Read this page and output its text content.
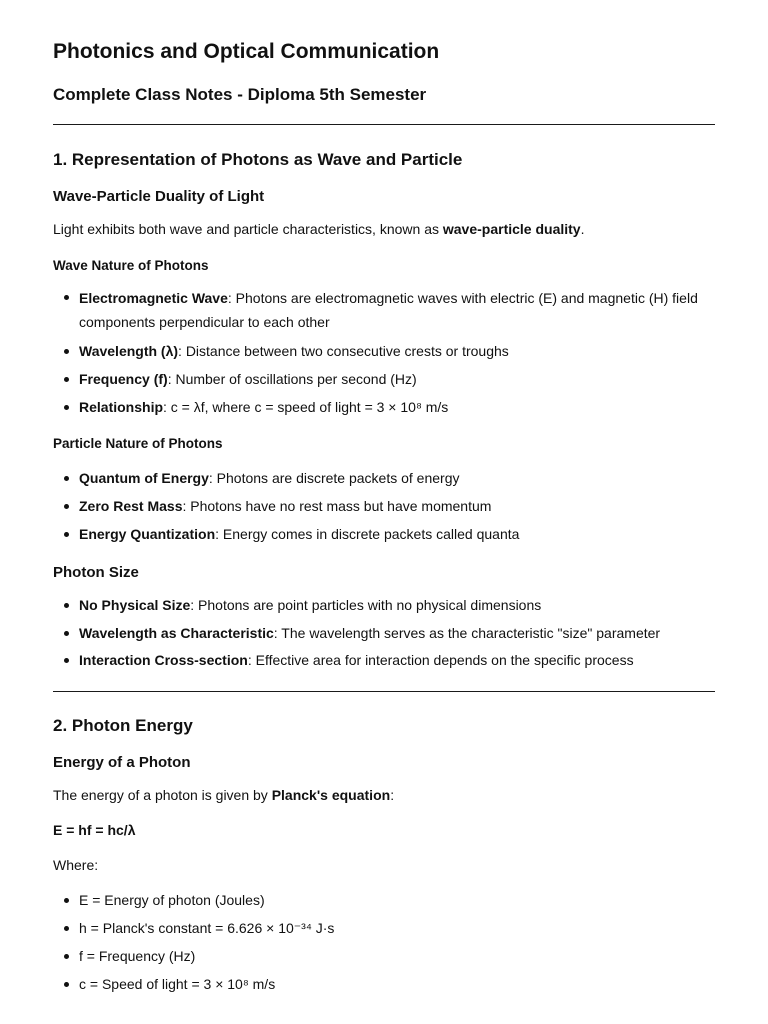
Photonics and Optical Communication
Complete Class Notes - Diploma 5th Semester
1. Representation of Photons as Wave and Particle
Wave-Particle Duality of Light

Light exhibits both wave and particle characteristics, known as wave-particle duality.

Wave Nature of Photons
Electromagnetic Wave: Photons are electromagnetic waves with electric (E) and magnetic (H) field components perpendicular to each other
Wavelength (λ): Distance between two consecutive crests or troughs
Frequency (f): Number of oscillations per second (Hz)
Relationship: c = λf, where c = speed of light = 3 × 10⁸ m/s
Particle Nature of Photons
Quantum of Energy: Photons are discrete packets of energy
Zero Rest Mass: Photons have no rest mass but have momentum
Energy Quantization: Energy comes in discrete packets called quanta
Photon Size
No Physical Size: Photons are point particles with no physical dimensions
Wavelength as Characteristic: The wavelength serves as the characteristic "size" parameter
Interaction Cross-section: Effective area for interaction depends on the specific process
2. Photon Energy
Energy of a Photon

The energy of a photon is given by Planck's equation:

E = hf = hc/λ

Where:

E = Energy of photon (Joules)
h = Planck's constant = 6.626 × 10⁻³⁴ J·s
f = Frequency (Hz)
c = Speed of light = 3 × 10⁸ m/s
